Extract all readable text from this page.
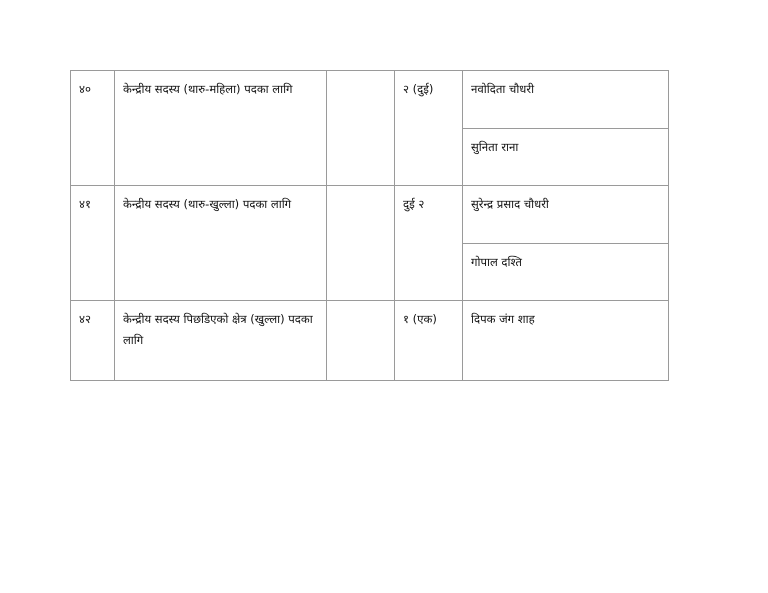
४०	केन्द्रीय सदस्य (थारु-महिला) पदका लागि		२ (दुई)	नवोदिता चौधरी
				सुनिता राना
४१	केन्द्रीय सदस्य (थारु-खुल्ला) पदका लागि		दुई २	सुरेन्द्र प्रसाद चौधरी
				गोपाल दश्ति
४२	केन्द्रीय सदस्य पिछडिएको क्षेत्र (खुल्ला) पदका लागि		१ (एक)	दिपक जंग शाह
